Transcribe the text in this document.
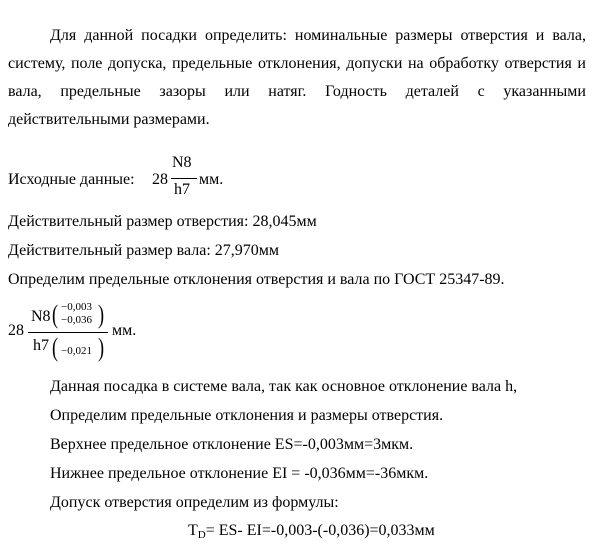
Для данной посадки определить: номинальные размеры отверстия и вала, систему, поле допуска, предельные отклонения, допуски на обработку отверстия и вала, предельные зазоры или натяг. Годность деталей с указанными действительными размерами.

Исходные данные: 28
N8
h7
мм.
Действительный размер отверстия: 28,045мм
Действительный размер вала: 27,970мм
Определим предельные отклонения отверстия и вала по ГОСТ 25347-89.
28
N8 ( −0,003
−0,036 )
h7 ( −0,021 )
мм.
Данная посадка в системе вала, так как основное отклонение вала h,
Определим предельные отклонения и размеры отверстия.
Верхнее предельное отклонение ES=-0,003мм=3мкм.
Нижнее предельное отклонение EI = -0,036мм=-36мкм.
Допуск отверстия определим из формулы:
TD= ES- EI=-0,003-(-0,036)=0,033мм
